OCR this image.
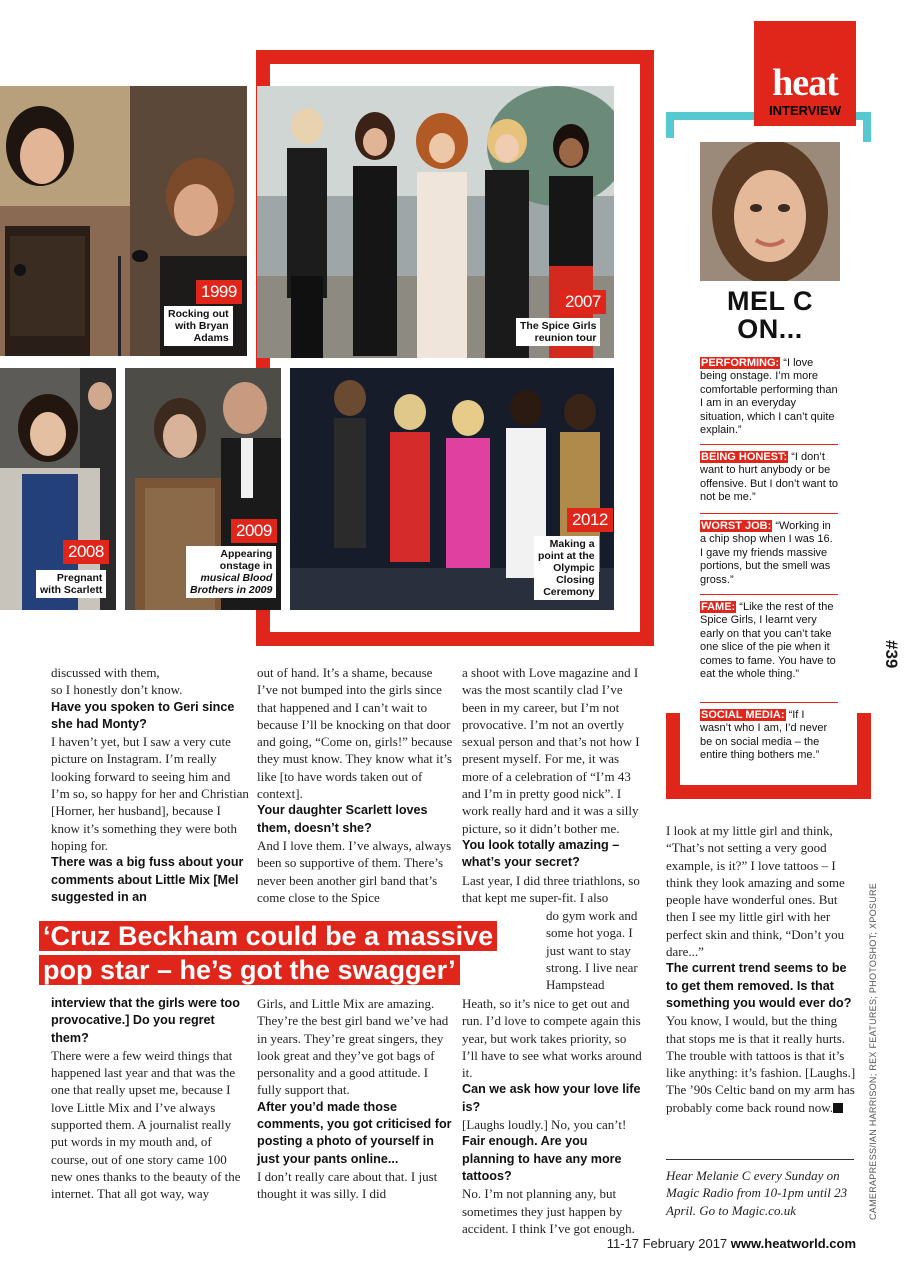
1999
Rocking out
with Bryan
Adams
2007
The Spice Girls
reunion tour
2008
Pregnant
with Scarlett
2009
Appearing
onstage in
musical Blood
Brothers in 2009
2012
Making a
point at the
Olympic
Closing
Ceremony
heat
INTERVIEW
MEL C
ON...
PERFORMING: “I love being onstage. I’m more comfortable performing than I am in an everyday situation, which I can’t quite explain.”
BEING HONEST: “I don’t want to hurt anybody or be offensive. But I don’t want to not be me.”
WORST JOB: “Working in a chip shop when I was 16. I gave my friends massive portions, but the smell was gross.”
FAME: “Like the rest of the Spice Girls, I learnt very early on that you can’t take one slice of the pie when it comes to fame. You have to eat the whole thing.”
SOCIAL MEDIA: “If I wasn’t who I am, I’d never be on social media – the entire thing bothers me.”
#39

discussed with them,

so I honestly don’t know.

Have you spoken to Geri since she had Monty?

I haven’t yet, but I saw a very cute picture on Instagram. I’m really looking forward to seeing him and I’m so, so happy for her and Christian [Horner, her husband], because I know it’s something they were both hoping for.

There was a big fuss about your comments about Little Mix [Mel suggested in an

out of hand. It’s a shame, because I’ve not bumped into the girls since that happened and I can’t wait to because I’ll be knocking on that door and going, “Come on, girls!” because they must know. They know what it’s like [to have words taken out of context].

Your daughter Scarlett loves them, doesn’t she?

And I love them. I’ve always, always been so supportive of them. There’s never been another girl band that’s come close to the Spice

a shoot with Love magazine and I was the most scantily clad I’ve been in my career, but I’m not provocative. I’m not an overtly sexual person and that’s not how I present myself. For me, it was more of a celebration of “I’m 43 and I’m in pretty good nick”. I work really hard and it was a silly picture, so it didn’t bother me.

You look totally amazing – what’s your secret?

Last year, I did three triathlons, so that kept me super-fit. I also

do gym work and some hot yoga. I just want to stay strong. I live near Hampstead

‘Cruz Beckham could be a massive
pop star – he’s got the swagger’

interview that the girls were too provocative.] Do you regret them?

There were a few weird things that happened last year and that was the one that really upset me, because I love Little Mix and I’ve always supported them. A journalist really put words in my mouth and, of course, out of one story came 100 new ones thanks to the beauty of the internet. That all got way, way

Girls, and Little Mix are amazing. They’re the best girl band we’ve had in years. They’re great singers, they look great and they’ve got bags of personality and a good attitude. I fully support that.

After you’d made those comments, you got criticised for posting a photo of yourself in just your pants online...

I don’t really care about that. I just thought it was silly. I did

Heath, so it’s nice to get out and run. I’d love to compete again this year, but work takes priority, so I’ll have to see what works around it.

Can we ask how your love life is?

[Laughs loudly.] No, you can’t!

Fair enough. Are you planning to have any more tattoos?

No. I’m not planning any, but sometimes they just happen by accident. I think I’ve got enough.

I look at my little girl and think, “That’s not setting a very good example, is it?” I love tattoos – I think they look amazing and some people have wonderful ones. But then I see my little girl with her perfect skin and think, “Don’t you dare...”

The current trend seems to be to get them removed. Is that something you would ever do?

You know, I would, but the thing that stops me is that it really hurts. The trouble with tattoos is that it’s like anything: it’s fashion. [Laughs.] The ’90s Celtic band on my arm has probably come back round now.

Hear Melanie C every Sunday on Magic Radio from 10-1pm until 23 April. Go to Magic.co.uk	CAMERAPRESS/IAN HARRISON; REX FEATURES; PHOTOSHOT; XPOSURE
11-17 February 2017 www.heatworld.com
